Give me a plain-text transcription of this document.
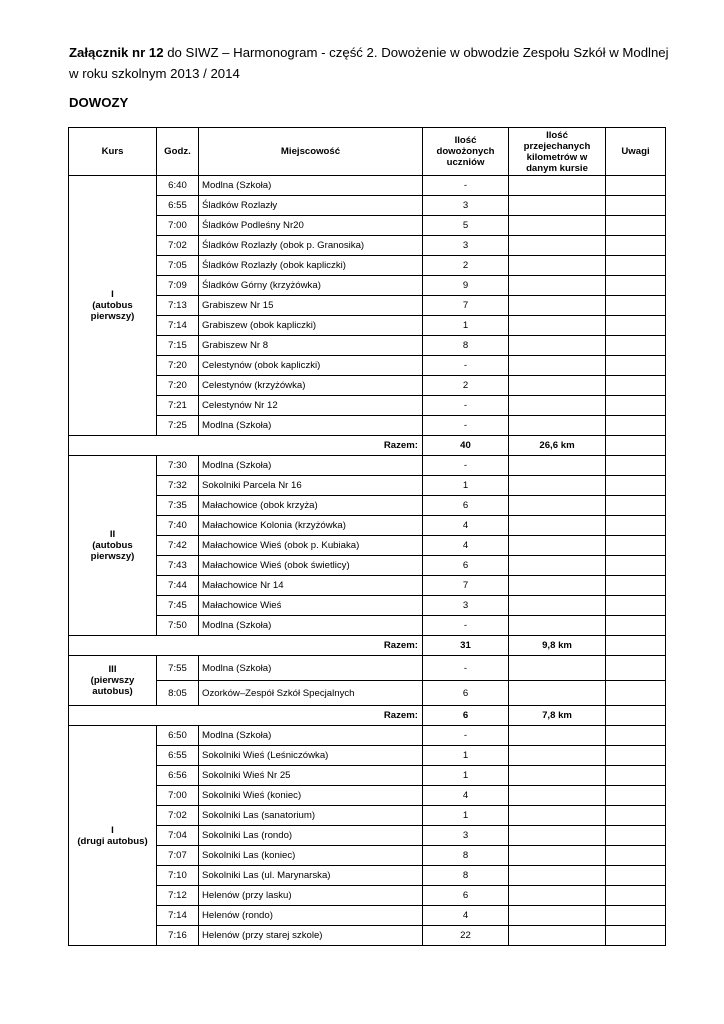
Załącznik nr 12 do SIWZ – Harmonogram - część 2. Dowożenie w obwodzie Zespołu Szkół w Modlnej w roku szkolnym 2013 / 2014
DOWOZY
Kurs	Godz.	Miejscowość	Ilość dowożonych uczniów	Ilość przejechanych kilometrów w danym kursie	Uwagi
I
(autobus
pierwszy)	6:40	Modlna (Szkoła)	-		
	6:55	Śladków Rozlazły	3		
	7:00	Śladków Podleśny Nr20	5		
	7:02	Śladków Rozlazły (obok p. Granosika)	3		
	7:05	Śladków Rozlazły (obok kapliczki)	2		
	7:09	Śladków Górny (krzyżówka)	9		
	7:13	Grabiszew Nr 15	7		
	7:14	Grabiszew (obok kapliczki)	1		
	7:15	Grabiszew Nr 8	8		
	7:20	Celestynów (obok kapliczki)	-		
	7:20	Celestynów (krzyżówka)	2		
	7:21	Celestynów Nr 12	-		
	7:25	Modlna (Szkoła)	-		
Razem:			40	26,6 km	
II
(autobus
pierwszy)	7:30	Modlna (Szkoła)	-		
	7:32	Sokolniki Parcela Nr 16	1		
	7:35	Małachowice (obok krzyża)	6		
	7:40	Małachowice Kolonia (krzyżówka)	4		
	7:42	Małachowice Wieś (obok p. Kubiaka)	4		
	7:43	Małachowice Wieś (obok świetlicy)	6		
	7:44	Małachowice Nr 14	7		
	7:45	Małachowice Wieś	3		
	7:50	Modlna (Szkoła)	-		
Razem:			31	9,8 km	
III
(pierwszy
autobus)	7:55	Modlna (Szkoła)	-		
	8:05	Ozorków–Zespół Szkół Specjalnych	6		
Razem:			6	7,8 km	
I
(drugi autobus)	6:50	Modlna (Szkoła)	-		
	6:55	Sokolniki Wieś (Leśniczówka)	1		
	6:56	Sokolniki Wieś Nr 25	1		
	7:00	Sokolniki Wieś (koniec)	4		
	7:02	Sokolniki Las (sanatorium)	1		
	7:04	Sokolniki Las (rondo)	3		
	7:07	Sokolniki Las (koniec)	8		
	7:10	Sokolniki Las (ul. Marynarska)	8		
	7:12	Helenów (przy lasku)	6		
	7:14	Helenów (rondo)	4		
	7:16	Helenów (przy starej szkole)	22		
